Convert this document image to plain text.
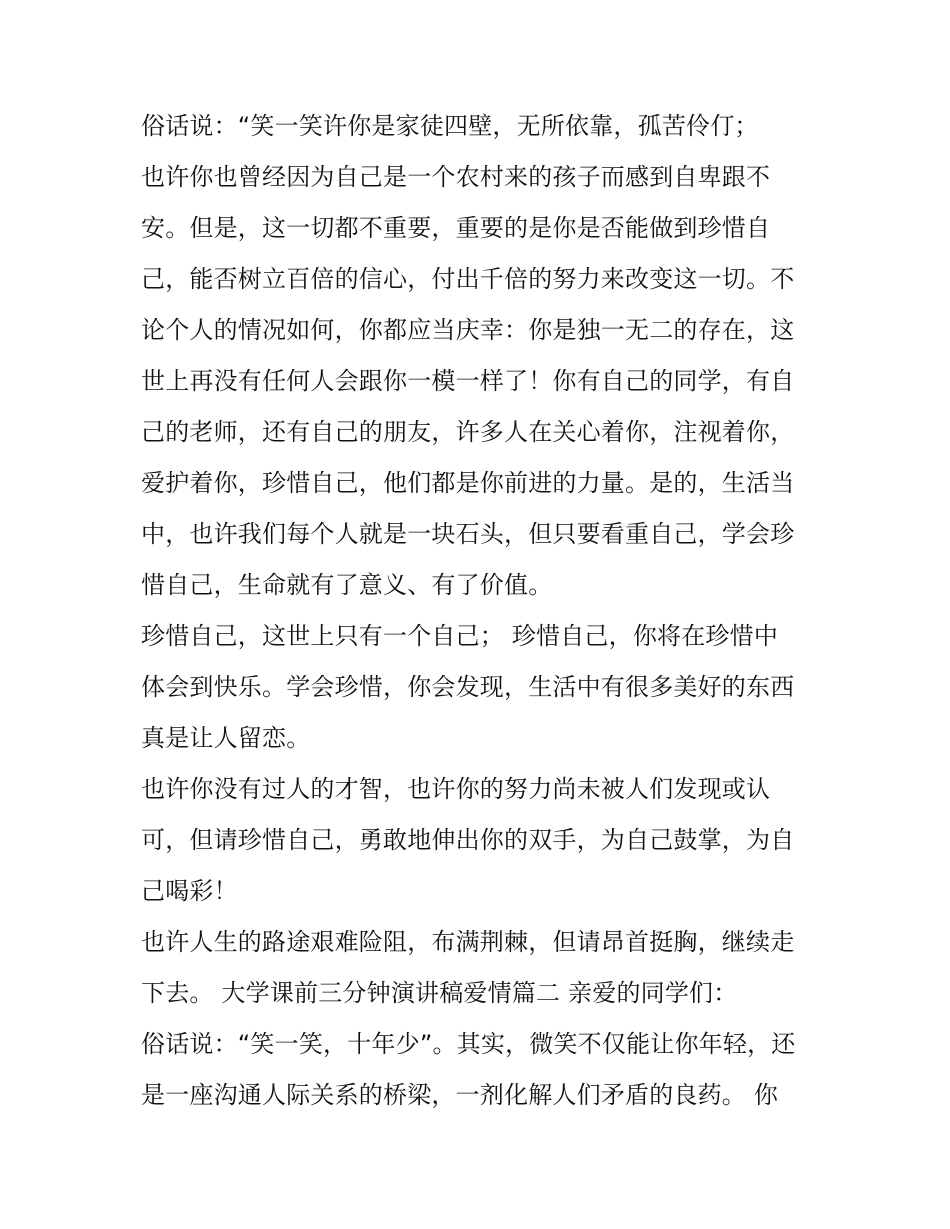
俗话说：“笑一笑许你是家徒四壁，无所依靠，孤苦伶仃；
也许你也曾经因为自己是一个农村来的孩子而感到自卑跟不
安。但是，这一切都不重要，重要的是你是否能做到珍惜自
己，能否树立百倍的信心，付出千倍的努力来改变这一切。不
论个人的情况如何，你都应当庆幸：你是独一无二的存在，这
世上再没有任何人会跟你一模一样了！你有自己的同学，有自
己的老师，还有自己的朋友，许多人在关心着你，注视着你，
爱护着你，珍惜自己，他们都是你前进的力量。是的，生活当
中，也许我们每个人就是一块石头，但只要看重自己，学会珍
惜自己，生命就有了意义、有了价值。
珍惜自己，这世上只有一个自己； 珍惜自己，你将在珍惜中
体会到快乐。学会珍惜，你会发现，生活中有很多美好的东西
真是让人留恋。
也许你没有过人的才智，也许你的努力尚未被人们发现或认
可，但请珍惜自己，勇敢地伸出你的双手，为自己鼓掌，为自
己喝彩！
也许人生的路途艰难险阻，布满荆棘，但请昂首挺胸，继续走
下去。 大学课前三分钟演讲稿爱情篇二 亲爱的同学们：
俗话说：“笑一笑，十年少”。其实，微笑不仅能让你年轻，还
是一座沟通人际关系的桥梁，一剂化解人们矛盾的良药。 你
